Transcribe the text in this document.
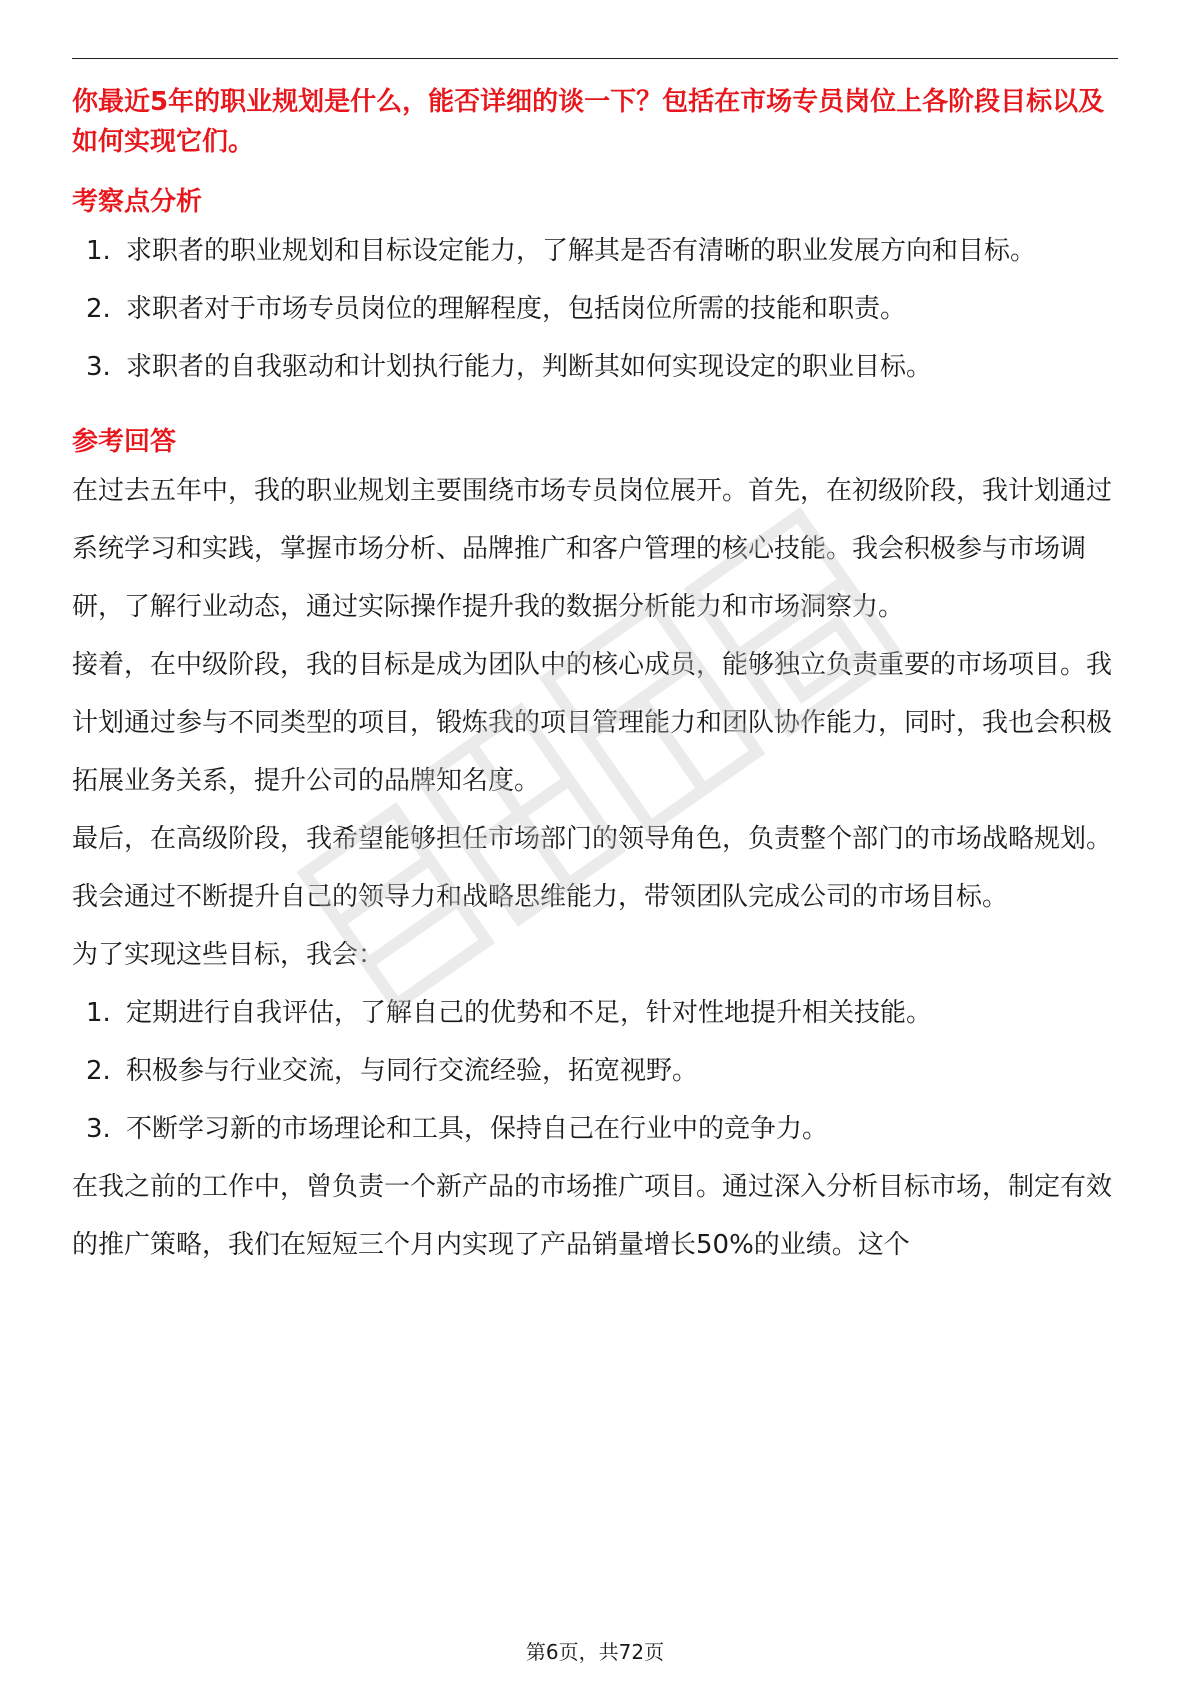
你最近5年的职业规划是什么，能否详细的谈一下？包括在市场专员岗位上各阶段目标以及如何实现它们。

考察点分析

1. 求职者的职业规划和目标设定能力，了解其是否有清晰的职业发展方向和目标。
2. 求职者对于市场专员岗位的理解程度，包括岗位所需的技能和职责。
3. 求职者的自我驱动和计划执行能力，判断其如何实现设定的职业目标。

参考回答

在过去五年中，我的职业规划主要围绕市场专员岗位展开。首先，在初级阶段，我计划通过系统学习和实践，掌握市场分析、品牌推广和客户管理的核心技能。我会积极参与市场调研，了解行业动态，通过实际操作提升我的数据分析能力和市场洞察力。

接着，在中级阶段，我的目标是成为团队中的核心成员，能够独立负责重要的市场项目。我计划通过参与不同类型的项目，锻炼我的项目管理能力和团队协作能力，同时，我也会积极拓展业务关系，提升公司的品牌知名度。

最后，在高级阶段，我希望能够担任市场部门的领导角色，负责整个部门的市场战略规划。我会通过不断提升自己的领导力和战略思维能力，带领团队完成公司的市场目标。

为了实现这些目标，我会：

1. 定期进行自我评估，了解自己的优势和不足，针对性地提升相关技能。
2. 积极参与行业交流，与同行交流经验，拓宽视野。
3. 不断学习新的市场理论和工具，保持自己在行业中的竞争力。

在我之前的工作中，曾负责一个新产品的市场推广项目。通过深入分析目标市场，制定有效的推广策略，我们在短短三个月内实现了产品销量增长50%的业绩。这个

第6页，共72页
